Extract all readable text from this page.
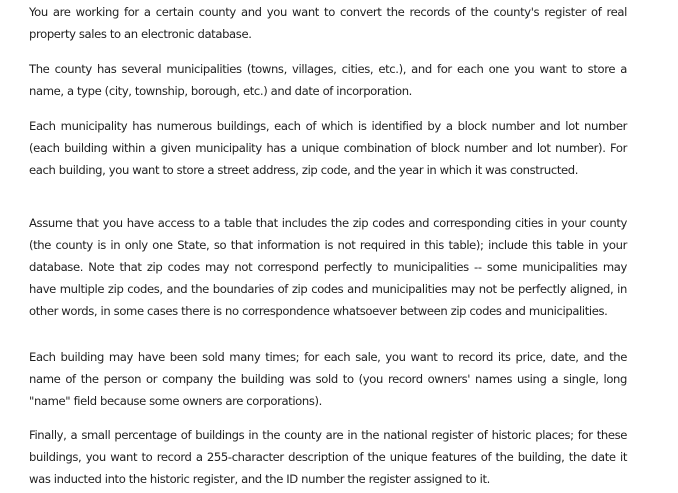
You are working for a certain county and you want to convert the records of the county's register of real property sales to an electronic database.

The county has several municipalities (towns, villages, cities, etc.), and for each one you want to store a name, a type (city, township, borough, etc.) and date of incorporation.

Each municipality has numerous buildings, each of which is identified by a block number and lot number (each building within a given municipality has a unique combination of block number and lot number). For each building, you want to store a street address, zip code, and the year in which it was constructed.

Assume that you have access to a table that includes the zip codes and corresponding cities in your county (the county is in only one State, so that information is not required in this table); include this table in your database. Note that zip codes may not correspond perfectly to municipalities -- some municipalities may have multiple zip codes, and the boundaries of zip codes and municipalities may not be perfectly aligned, in other words, in some cases there is no correspondence whatsoever between zip codes and municipalities.

Each building may have been sold many times; for each sale, you want to record its price, date, and the name of the person or company the building was sold to (you record owners' names using a single, long "name" field because some owners are corporations).

Finally, a small percentage of buildings in the county are in the national register of historic places; for these buildings, you want to record a 255-character description of the unique features of the building, the date it was inducted into the historic register, and the ID number the register assigned to it.
